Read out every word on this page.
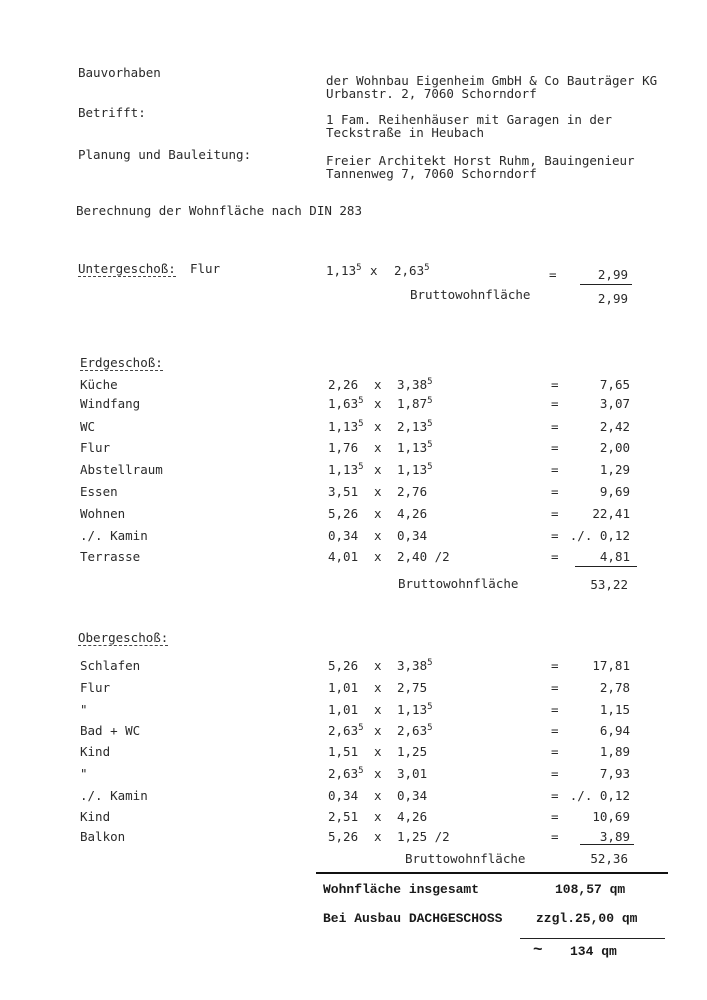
Bauvorhaben
der Wohnbau Eigenheim GmbH & Co Bauträger KG
Urbanstr. 2, 7060 Schorndorf
Betrifft:	1 Fam. Reihenhäuser mit Garagen in der
Teckstraße in Heubach
Planung und Bauleitung:	Freier Architekt Horst Ruhm, Bauingenieur
Tannenweg 7, 7060 Schorndorf
Berechnung der Wohnfläche nach DIN 283
Untergeschoß: Flur	1,13$^5$ x $2,63^5$	=	2,99
Bruttowohnfläche	2,99
Erdgeschoß:
Küche	2,26 x $3,38^5$	=	7,65
Windfang	1,63$^5$ x $1,87^5$	=	3,07
WC	1,13$^5$ x $2,13^5$	=	2,42
Flur	1,76 x $1,13^5$	=	2,00
Abstellraum	1,13$^5$ x $1,13^5$	=	1,29
Essen	3,51 x 2,76	=	9,69
Wohnen	5,26 x 4,26	=	22,41
./. Kamin	0,34 x 0,34	= ./. 0,12
Terrasse	4,01 x 2,40 /2	=	4,81
Bruttowohnfläche	53,22
Obergeschoß:
Schlafen	5,26 x $3,38^5$	=	17,81
Flur	1,01 x 2,75	=	2,78
"	1,01 x $1,13^5$	=	1,15
Bad + WC	2,63$^5$ x $2,63^5$	=	6,94
Kind	1,51 x 1,25	=	1,89
"	2,63$^5$ x 3,01	=	7,93
./. Kamin	0,34 x 0,34	= ./. 0,12
Kind	2,51 x 4,26	=	10,69
Balkon	5,26 x 1,25 /2	=	3,89
Bruttowohnfläche	52,36
Wohnfläche insgesamt	108,57 qm
Bei Ausbau DACHGESCHOSS	zzgl.25,00 qm
~ 134 qm
